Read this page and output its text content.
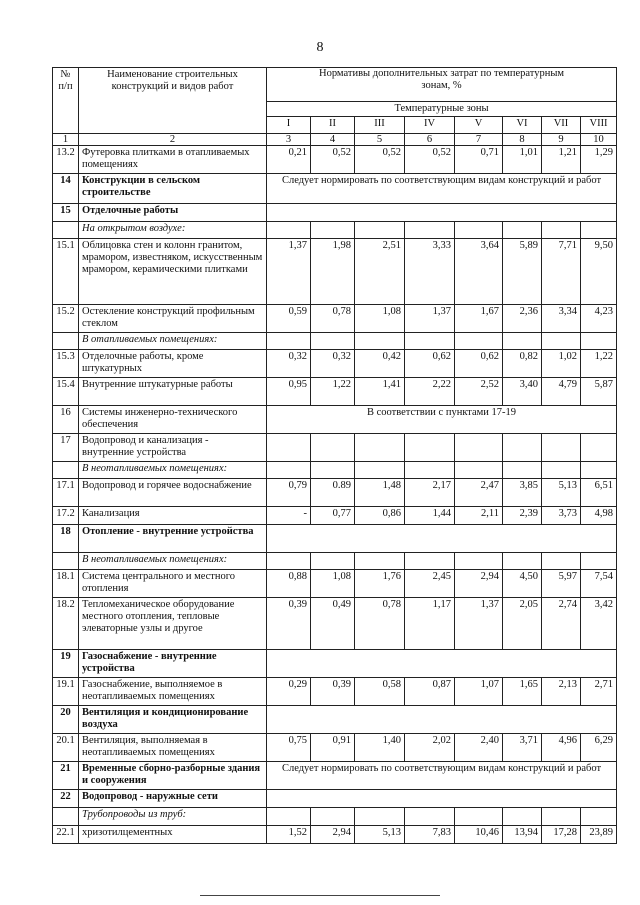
8
№
п/п	Наименование строительных конструкций и видов работ	Нормативы дополнительных затрат по температурным зонам, %							
		Температурные зоны							
		I	II	III	IV	V	VI	VII	VIII
1	2	3	4	5	6	7	8	9	10
13.2	Футеровка плитками в отапливаемых помещениях	0,21	0,52	0,52	0,52	0,71	1,01	1,21	1,29
14	Конструкции в сельском строительстве	Следует нормировать по соответствующим видам конструкций и работ							
15	Отделочные работы								
	На открытом воздухе:								
15.1	Облицовка стен и колонн гранитом, мрамором, известняком, искусственным мрамором, керамическими плитками	1,37	1,98	2,51	3,33	3,64	5,89	7,71	9,50
15.2	Остекление конструкций профильным стеклом	0,59	0,78	1,08	1,37	1,67	2,36	3,34	4,23
	В отапливаемых помещениях:								
15.3	Отделочные работы, кроме штукатурных	0,32	0,32	0,42	0,62	0,62	0,82	1,02	1,22
15.4	Внутренние штукатурные работы	0,95	1,22	1,41	2,22	2,52	3,40	4,79	5,87
16	Системы инженерно-технического обеспечения	В соответствии с пунктами 17-19							
17	Водопровод и канализация - внутренние устройства								
	В неотапливаемых помещениях:								
17.1	Водопровод и горячее водоснабжение	0,79	0.89	1,48	2,17	2,47	3,85	5,13	6,51
17.2	Канализация	-	0,77	0,86	1,44	2,11	2,39	3,73	4,98
18	Отопление - внутренние устройства								
	В неотапливаемых помещениях:								
18.1	Система центрального и местного отопления	0,88	1,08	1,76	2,45	2,94	4,50	5,97	7,54
18.2	Тепломеханическое оборудование местного отопления, тепловые элеваторные узлы и другое	0,39	0,49	0,78	1,17	1,37	2,05	2,74	3,42
19	Газоснабжение - внутренние устройства								
19.1	Газоснабжение, выполняемое в неотапливаемых помещениях	0,29	0,39	0,58	0,87	1,07	1,65	2,13	2,71
20	Вентиляция и кондиционирование воздуха								
20.1	Вентиляция, выполняемая в неотапливаемых помещениях	0,75	0,91	1,40	2,02	2,40	3,71	4,96	6,29
21	Временные сборно-разборные здания и сооружения	Следует нормировать по соответствующим видам конструкций и работ							
22	Водопровод - наружные сети								
	Трубопроводы из труб:								
22.1	хризотилцементных	1,52	2,94	5,13	7,83	10,46	13,94	17,28	23,89
